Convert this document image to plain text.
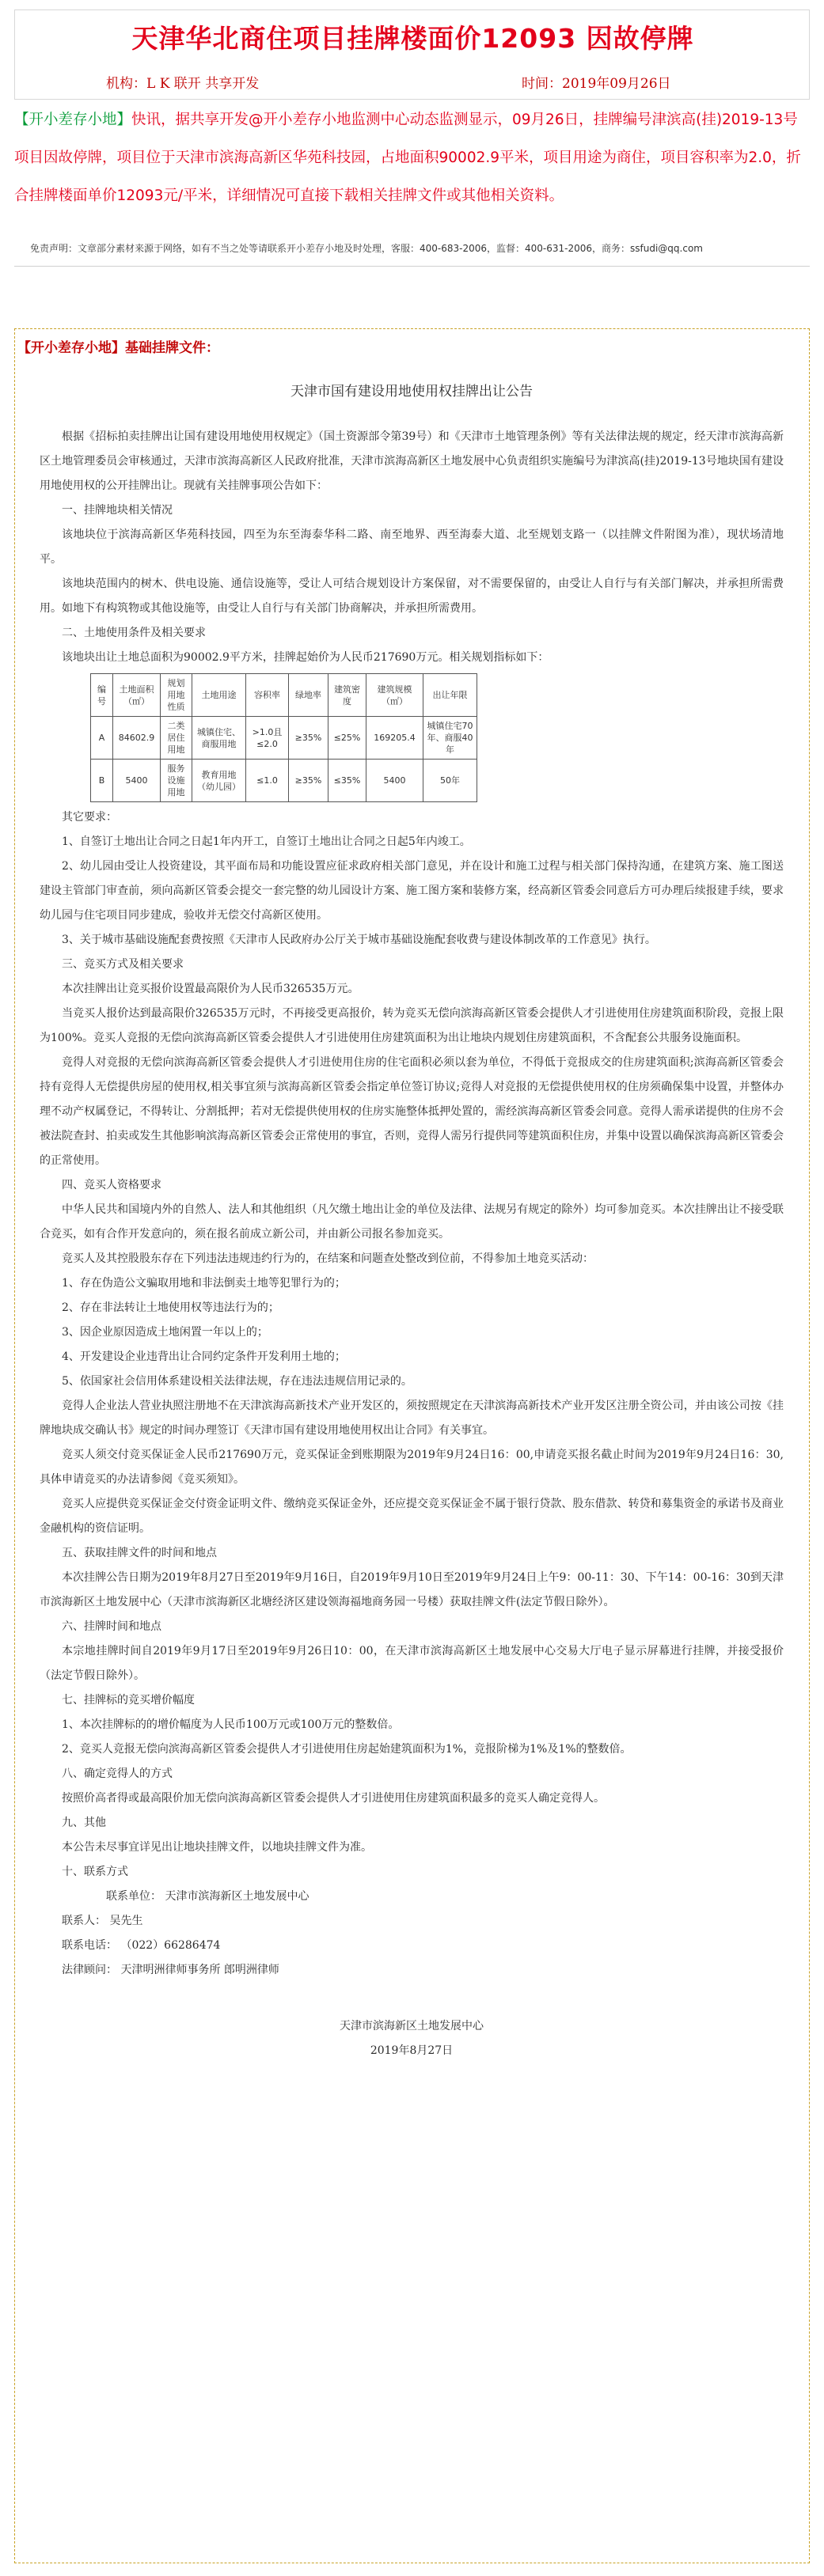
天津华北商住项目挂牌楼面价12093 因故停牌
机构：L K 联开 共享开发	时间：2019年09月26日
【开小差存小地】快讯，据共享开发@开小差存小地监测中心动态监测显示，09月26日，挂牌编号津滨高(挂)2019-13号项目因故停牌，项目位于天津市滨海高新区华苑科技园，占地面积90002.9平米，项目用途为商住，项目容积率为2.0，折合挂牌楼面单价12093元/平米，详细情况可直接下载相关挂牌文件或其他相关资料。
免责声明：文章部分素材来源于网络，如有不当之处等请联系开小差存小地及时处理，客服：400-683-2006，监督：400-631-2006，商务：ssfudi@qq.com
【开小差存小地】基础挂牌文件：
天津市国有建设用地使用权挂牌出让公告

根据《招标拍卖挂牌出让国有建设用地使用权规定》（国土资源部令第39号）和《天津市土地管理条例》等有关法律法规的规定，经天津市滨海高新区土地管理委员会审核通过，天津市滨海高新区人民政府批准，天津市滨海高新区土地发展中心负责组织实施编号为津滨高(挂)2019-13号地块国有建设用地使用权的公开挂牌出让。现就有关挂牌事项公告如下：

一、挂牌地块相关情况

该地块位于滨海高新区华苑科技园，四至为东至海泰华科二路、南至地界、西至海泰大道、北至规划支路一（以挂牌文件附图为准），现状场清地平。

该地块范围内的树木、供电设施、通信设施等，受让人可结合规划设计方案保留，对不需要保留的，由受让人自行与有关部门解决，并承担所需费用。如地下有构筑物或其他设施等，由受让人自行与有关部门协商解决，并承担所需费用。

二、土地使用条件及相关要求

该地块出让土地总面积为90002.9平方米，挂牌起始价为人民币217690万元。相关规划指标如下：

编号	土地面积（㎡）	规划用地性质	土地用途	容积率	绿地率	建筑密度	建筑规模（㎡）	出让年限
A	84602.9	二类居住用地	城镇住宅、商服用地	>1.0且≤2.0	≥35%	≤25%	169205.4	城镇住宅70年、商服40年
B	5400	服务设施用地	教育用地（幼儿园）	≤1.0	≥35%	≤35%	5400	50年

其它要求：

1、自签订土地出让合同之日起1年内开工，自签订土地出让合同之日起5年内竣工。

2、幼儿园由受让人投资建设，其平面布局和功能设置应征求政府相关部门意见，并在设计和施工过程与相关部门保持沟通，在建筑方案、施工图送建设主管部门审查前，须向高新区管委会提交一套完整的幼儿园设计方案、施工图方案和装修方案，经高新区管委会同意后方可办理后续报建手续，要求幼儿园与住宅项目同步建成，验收并无偿交付高新区使用。

3、关于城市基础设施配套费按照《天津市人民政府办公厅关于城市基础设施配套收费与建设体制改革的工作意见》执行。

三、竞买方式及相关要求

本次挂牌出让竞买报价设置最高限价为人民币326535万元。

当竞买人报价达到最高限价326535万元时，不再接受更高报价，转为竞买无偿向滨海高新区管委会提供人才引进使用住房建筑面积阶段，竞报上限为100%。竞买人竞报的无偿向滨海高新区管委会提供人才引进使用住房建筑面积为出让地块内规划住房建筑面积，不含配套公共服务设施面积。

竞得人对竞报的无偿向滨海高新区管委会提供人才引进使用住房的住宅面积必须以套为单位，不得低于竞报成交的住房建筑面积;滨海高新区管委会持有竞得人无偿提供房屋的使用权,相关事宜须与滨海高新区管委会指定单位签订协议;竞得人对竞报的无偿提供使用权的住房须确保集中设置，并整体办理不动产权属登记，不得转让、分割抵押；若对无偿提供使用权的住房实施整体抵押处置的，需经滨海高新区管委会同意。竞得人需承诺提供的住房不会被法院查封、拍卖或发生其他影响滨海高新区管委会正常使用的事宜，否则，竞得人需另行提供同等建筑面积住房，并集中设置以确保滨海高新区管委会的正常使用。

四、竞买人资格要求

中华人民共和国境内外的自然人、法人和其他组织（凡欠缴土地出让金的单位及法律、法规另有规定的除外）均可参加竞买。本次挂牌出让不接受联合竞买，如有合作开发意向的，须在报名前成立新公司，并由新公司报名参加竞买。

竞买人及其控股股东存在下列违法违规违约行为的，在结案和问题查处整改到位前，不得参加土地竞买活动：

1、存在伪造公文骗取用地和非法倒卖土地等犯罪行为的；

2、存在非法转让土地使用权等违法行为的；

3、因企业原因造成土地闲置一年以上的；

4、开发建设企业违背出让合同约定条件开发利用土地的；

5、依国家社会信用体系建设相关法律法规，存在违法违规信用记录的。

竞得人企业法人营业执照注册地不在天津滨海高新技术产业开发区的，须按照规定在天津滨海高新技术产业开发区注册全资公司，并由该公司按《挂牌地块成交确认书》规定的时间办理签订《天津市国有建设用地使用权出让合同》有关事宜。

竞买人须交付竞买保证金人民币217690万元，竞买保证金到账期限为2019年9月24日16：00,申请竞买报名截止时间为2019年9月24日16：30,具体申请竞买的办法请参阅《竞买须知》。

竞买人应提供竞买保证金交付资金证明文件、缴纳竞买保证金外，还应提交竞买保证金不属于银行贷款、股东借款、转贷和募集资金的承诺书及商业金融机构的资信证明。

五、获取挂牌文件的时间和地点

本次挂牌公告日期为2019年8月27日至2019年9月16日，自2019年9月10日至2019年9月24日上午9：00-11：30、下午14：00-16：30到天津市滨海新区土地发展中心（天津市滨海新区北塘经济区建设领海福地商务园一号楼）获取挂牌文件(法定节假日除外）。

六、挂牌时间和地点

本宗地挂牌时间自2019年9月17日至2019年9月26日10：00，在天津市滨海高新区土地发展中心交易大厅电子显示屏幕进行挂牌，并接受报价（法定节假日除外）。

七、挂牌标的竞买增价幅度

1、本次挂牌标的的增价幅度为人民币100万元或100万元的整数倍。

2、竞买人竞报无偿向滨海高新区管委会提供人才引进使用住房起始建筑面积为1%，竞报阶梯为1%及1%的整数倍。

八、确定竞得人的方式

按照价高者得或最高限价加无偿向滨海高新区管委会提供人才引进使用住房建筑面积最多的竞买人确定竞得人。

九、其他

本公告未尽事宜详见出让地块挂牌文件，以地块挂牌文件为准。

十、联系方式

联系单位： 天津市滨海新区土地发展中心

联系人： 吴先生

联系电话： （022）66286474

法律顾问： 天津明洲律师事务所 郎明洲律师

天津市滨海新区土地发展中心
2019年8月27日
